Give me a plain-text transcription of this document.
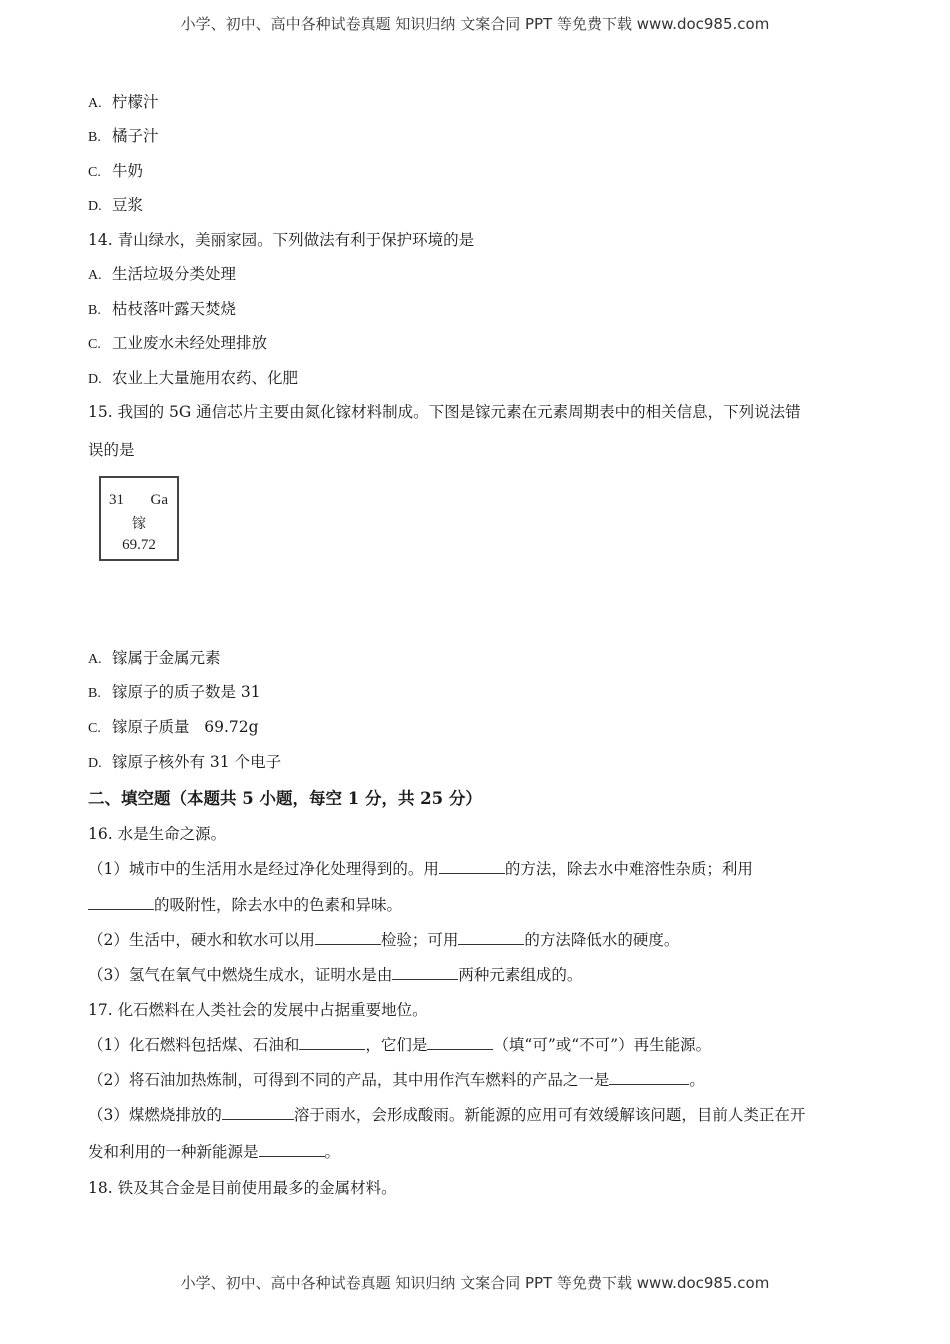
小学、初中、高中各种试卷真题 知识归纳 文案合同 PPT 等免费下载 www.doc985.com
A. 柠檬汁
B. 橘子汁
C. 牛奶
D. 豆浆
14. 青山绿水，美丽家园。下列做法有利于保护环境的是
A. 生活垃圾分类处理
B. 枯枝落叶露天焚烧
C. 工业废水未经处理排放
D. 农业上大量施用农药、化肥
15. 我国的 5G 通信芯片主要由氮化镓材料制成。下图是镓元素在元素周期表中的相关信息，下列说法错
误的是
31 Ga
镓
69.72
A. 镓属于金属元素
B. 镓原子的质子数是 31
C. 镓原子质量   69.72g
D. 镓原子核外有 31 个电子
二、填空题（本题共 5 小题，每空 1 分，共 25 分）
16. 水是生命之源。
（1）城市中的生活用水是经过净化处理得到的。用	的方法，除去水中难溶性杂质；利用
的吸附性，除去水中的色素和异味。
（2）生活中，硬水和软水可以用	检验；可用	的方法降低水的硬度。
（3）氢气在氧气中燃烧生成水，证明水是由	两种元素组成的。
17. 化石燃料在人类社会的发展中占据重要地位。
（1）化石燃料包括煤、石油和	，它们是	（填“可”或“不可”）再生能源。
（2）将石油加热炼制，可得到不同的产品，其中用作汽车燃料的产品之一是	。
（3）煤燃烧排放的	溶于雨水，会形成酸雨。新能源的应用可有效缓解该问题，目前人类正在开
发和利用的一种新能源是	。
18. 铁及其合金是目前使用最多的金属材料。
小学、初中、高中各种试卷真题 知识归纳 文案合同 PPT 等免费下载 www.doc985.com
